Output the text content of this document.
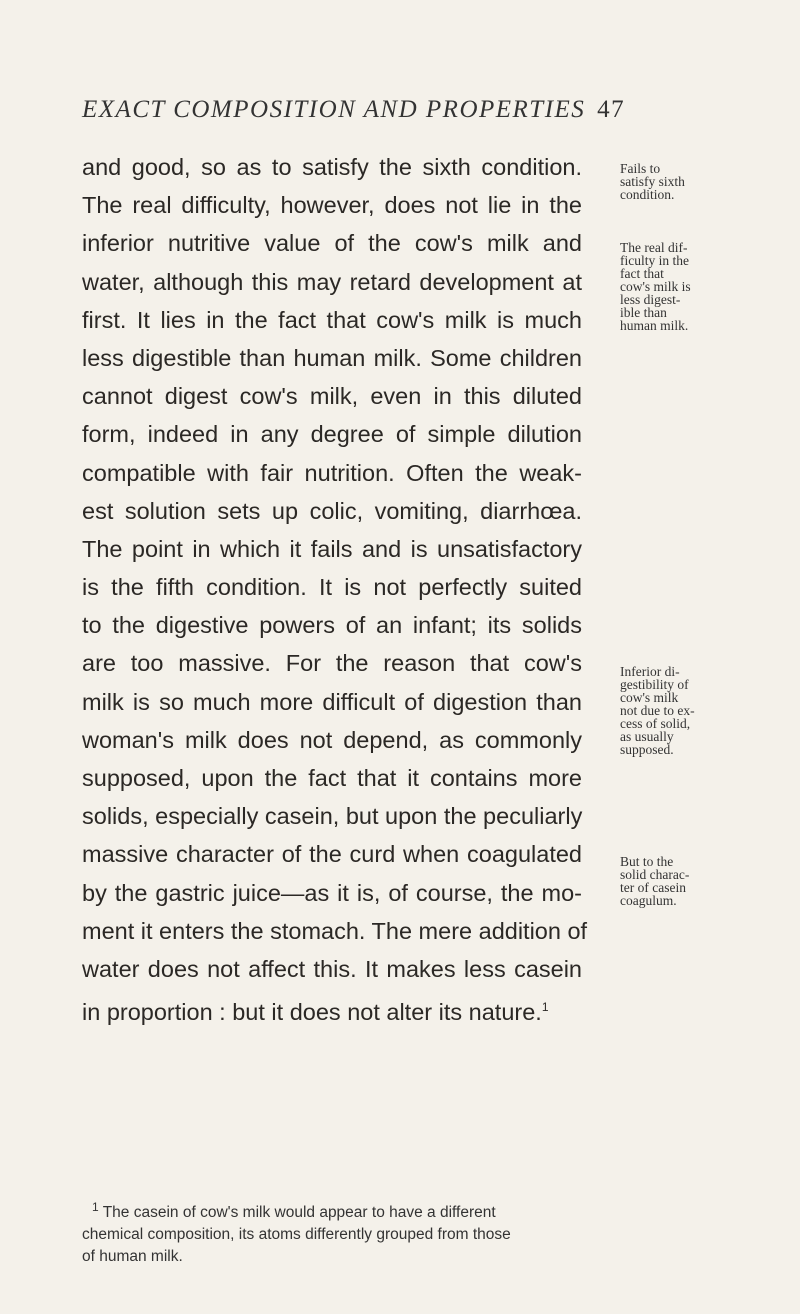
EXACT COMPOSITION AND PROPERTIES 47
and good, so as to satisfy the sixth condition.
The real difficulty, however, does not lie in the
inferior nutritive value of the cow's milk and
water, although this may retard development at
first. It lies in the fact that cow's milk is much
less digestible than human milk. Some children
cannot digest cow's milk, even in this diluted
form, indeed in any degree of simple dilution
compatible with fair nutrition. Often the weak-
est solution sets up colic, vomiting, diarrhœa.
The point in which it fails and is unsatisfactory
is the fifth condition. It is not perfectly suited
to the digestive powers of an infant; its solids
are too massive. For the reason that cow's
milk is so much more difficult of digestion than
woman's milk does not depend, as commonly
supposed, upon the fact that it contains more
solids, especially casein, but upon the peculiarly
massive character of the curd when coagulated
by the gastric juice—as it is, of course, the mo-
ment it enters the stomach. The mere addition of
water does not affect this. It makes less casein
in proportion : but it does not alter its nature.$^1$
Fails to
satisfy sixth
condition.
The real dif-
ficulty in the
fact that
cow's milk is
less digest-
ible than
human milk.
Inferior di-
gestibility of
cow's milk
not due to ex-
cess of solid,
as usually
supposed.
But to the
solid charac-
ter of casein
coagulum.
$^1$ The casein of cow's milk would appear to have a different
chemical composition, its atoms differently grouped from those
of human milk.
